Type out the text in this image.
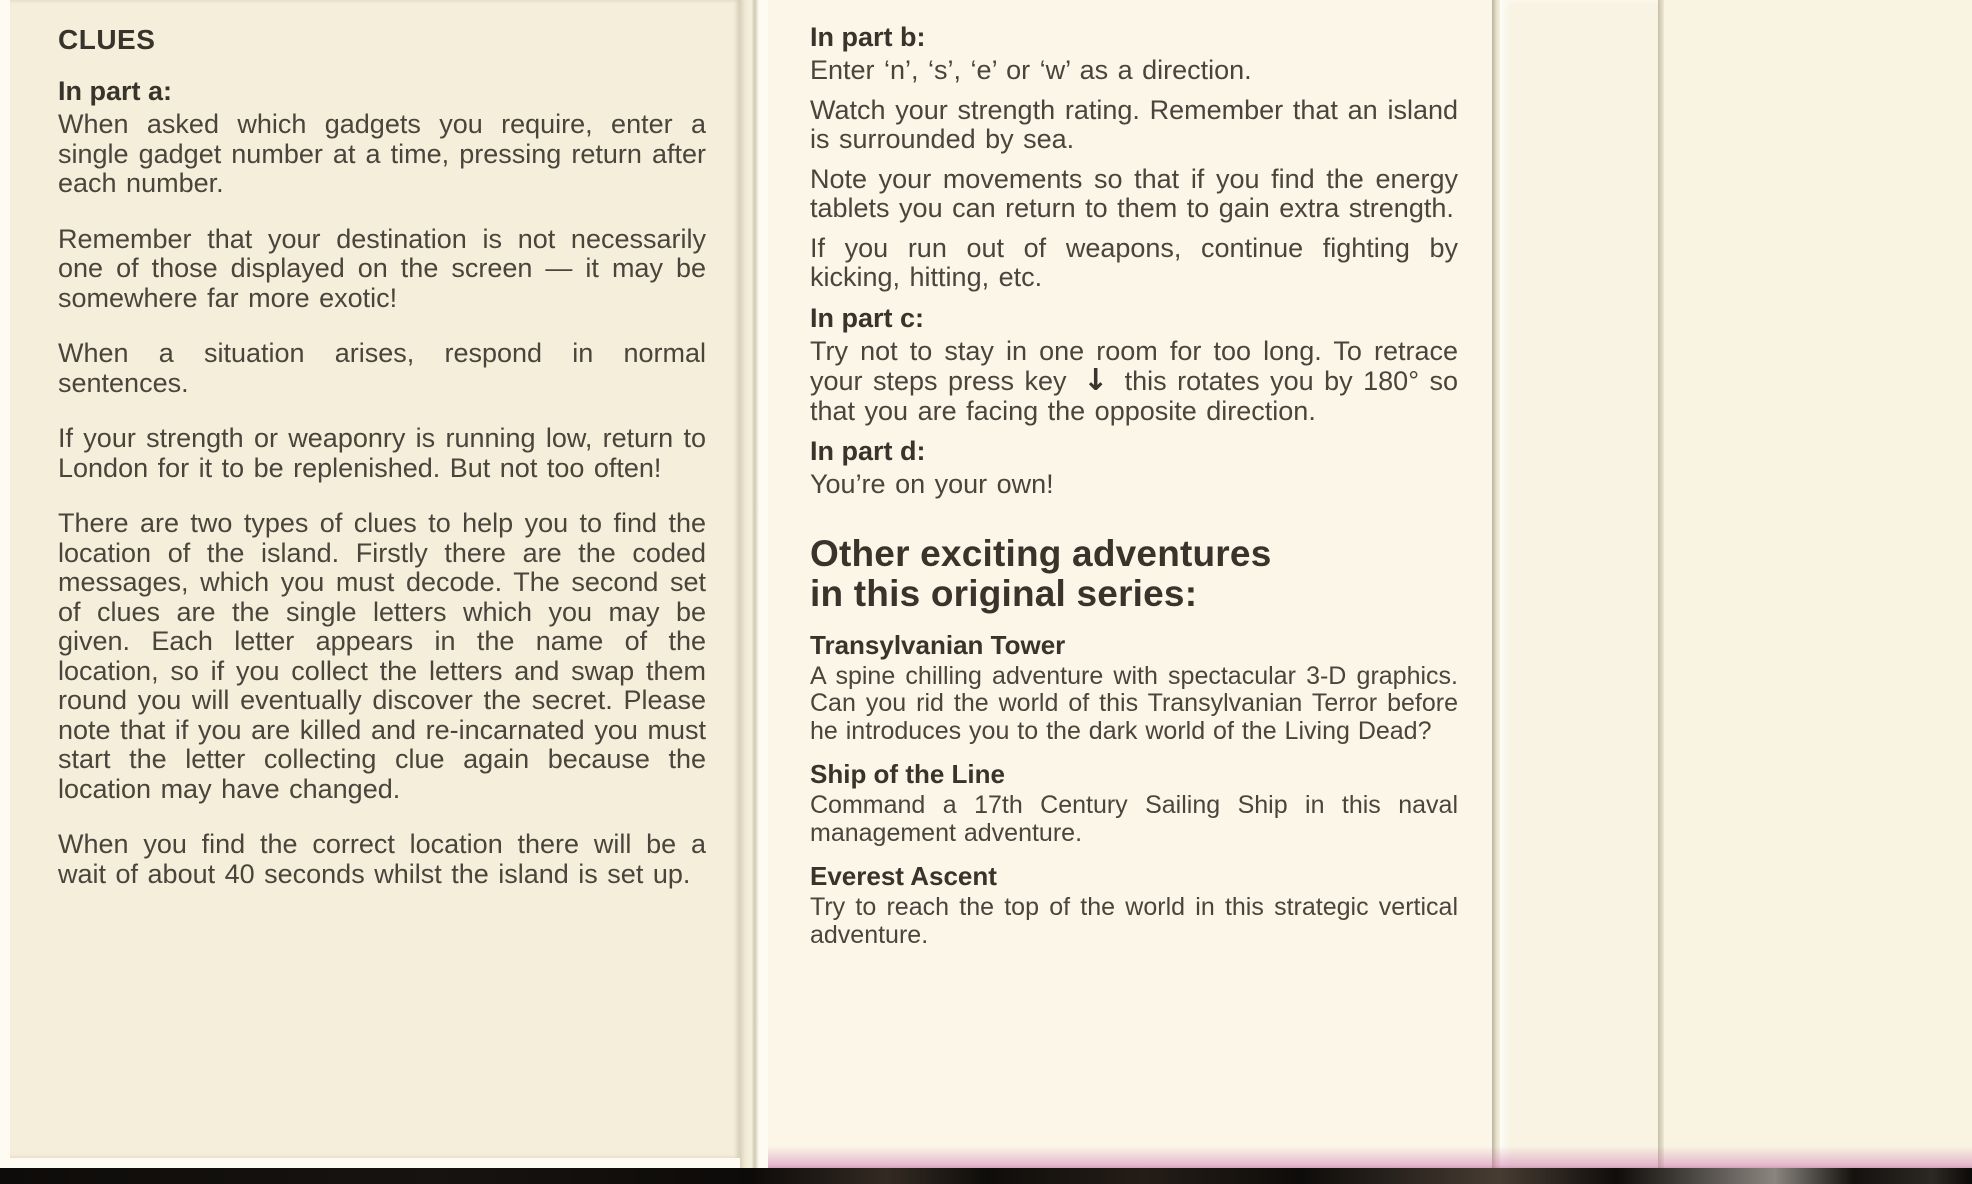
CLUES
In part a:

When asked which gadgets you require, enter a single gadget number at a time, pressing return after each number.

Remember that your destination is not necessarily one of those displayed on the screen — it may be somewhere far more exotic!

When a situation arises, respond in normal sentences.

If your strength or weaponry is running low, return to London for it to be replenished. But not too often!

There are two types of clues to help you to find the location of the island. Firstly there are the coded messages, which you must decode. The second set of clues are the single letters which you may be given. Each letter appears in the name of the location, so if you collect the letters and swap them round you will eventually discover the secret. Please note that if you are killed and re-incarnated you must start the letter collecting clue again because the location may have changed.

When you find the correct location there will be a wait of about 40 seconds whilst the island is set up.

In part b:

Enter ‘n’, ‘s’, ‘e’ or ‘w’ as a direction.

Watch your strength rating. Remember that an island is surrounded by sea.

Note your movements so that if you find the energy tablets you can return to them to gain extra strength.

If you run out of weapons, continue fighting by kicking, hitting, etc.

In part c:

Try not to stay in one room for too long. To retrace your steps press key ↓ this rotates you by 180° so that you are facing the opposite direction.

In part d:

You’re on your own!

Other exciting adventures
in this original series:
Transylvanian Tower

A spine chilling adventure with spectacular 3-D graphics. Can you rid the world of this Transylvanian Terror before he introduces you to the dark world of the Living Dead?

Ship of the Line

Command a 17th Century Sailing Ship in this naval management adventure.

Everest Ascent

Try to reach the top of the world in this strategic vertical adventure.
